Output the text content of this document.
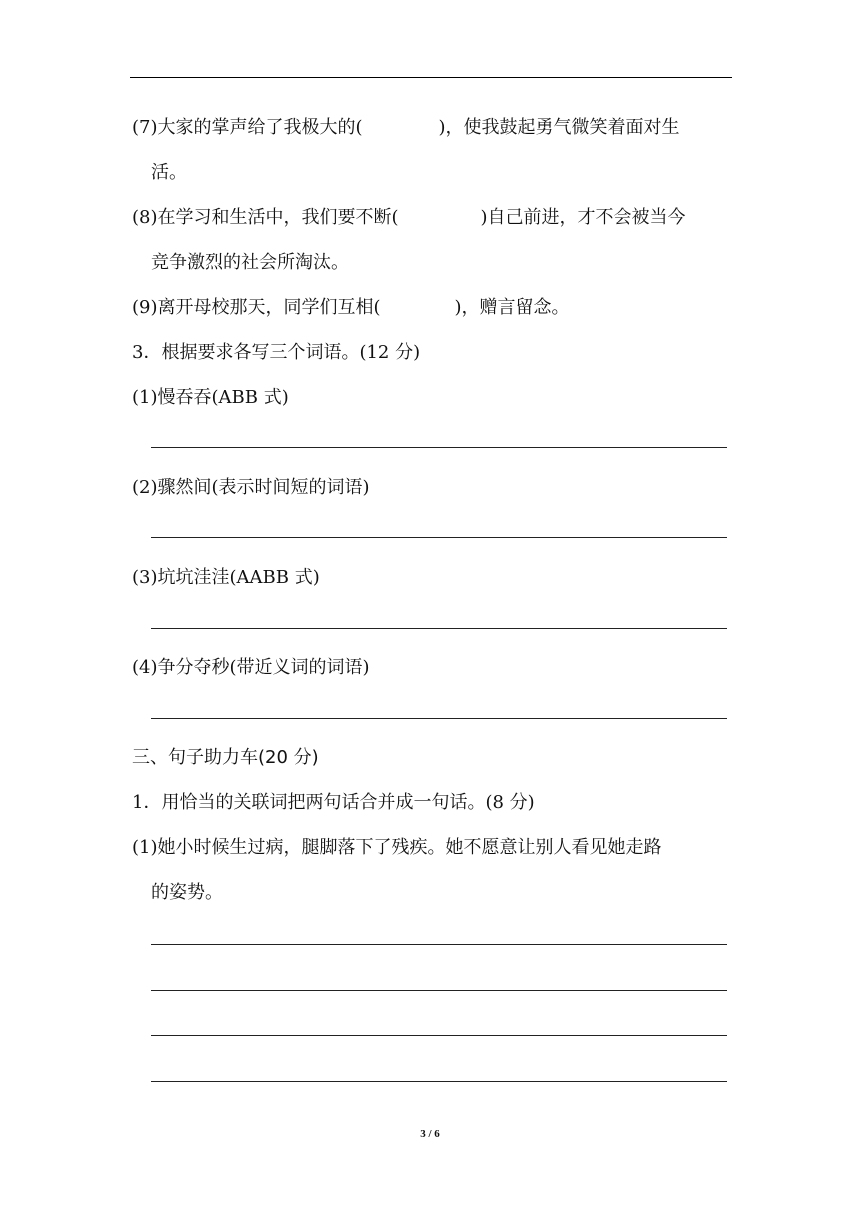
(7)大家的掌声给了我极大的(	)，使我鼓起勇气微笑着面对生
活。
(8)在学习和生活中，我们要不断(	)自己前进，才不会被当今
竞争激烈的社会所淘汰。
(9)离开母校那天，同学们互相(	)，赠言留念。
3．根据要求各写三个词语。(12 分)
(1)慢吞吞(ABB 式)
(2)骤然间(表示时间短的词语)
(3)坑坑洼洼(AABB 式)
(4)争分夺秒(带近义词的词语)
三、句子助力车(20 分)
1．用恰当的关联词把两句话合并成一句话。(8 分)
(1)她小时候生过病，腿脚落下了残疾。她不愿意让别人看见她走路
的姿势。
3 / 6
